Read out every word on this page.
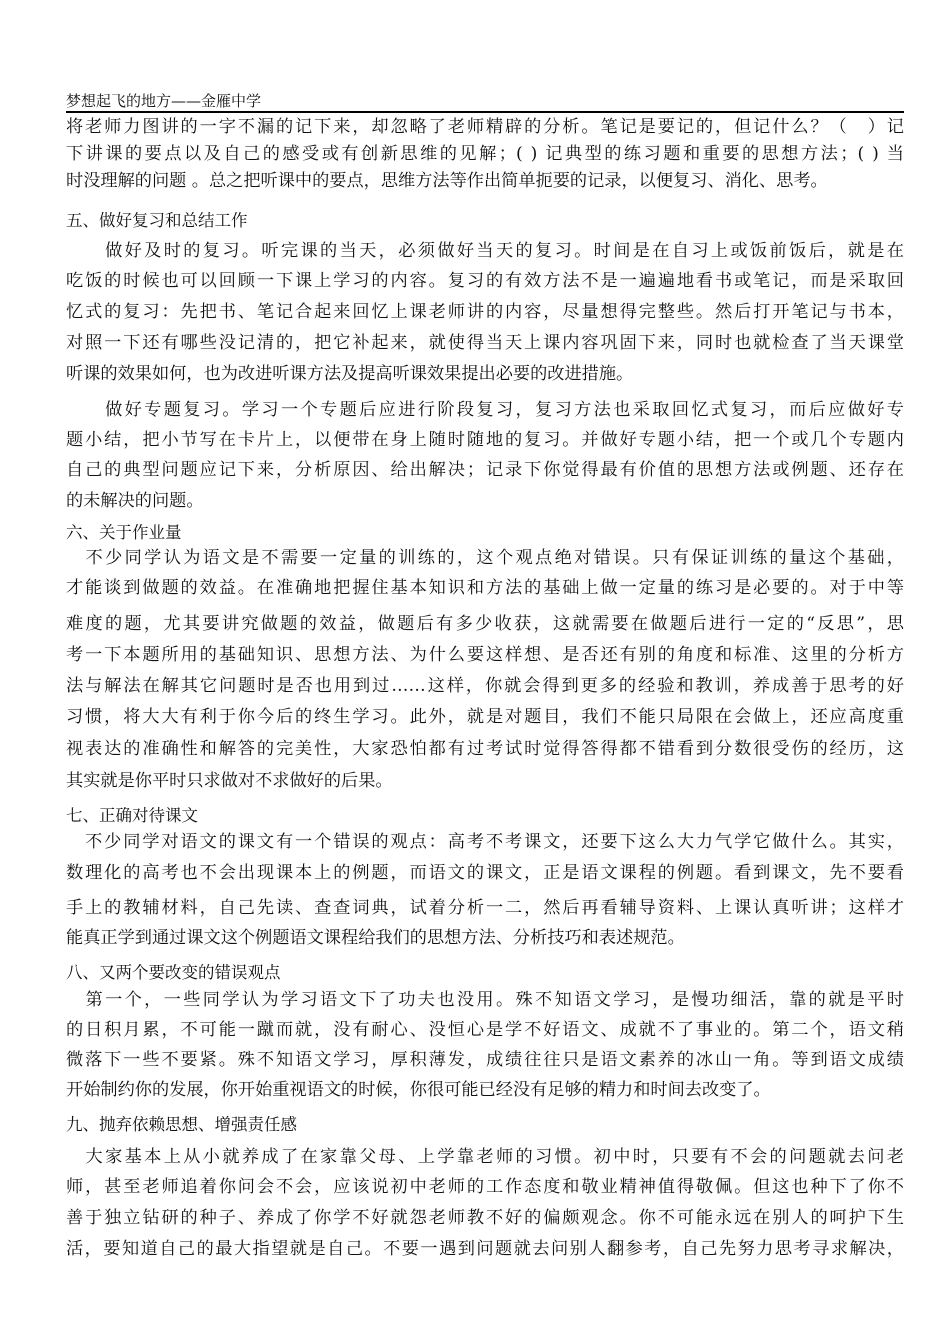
梦想起飞的地方——金雁中学
将老师力图讲的一字不漏的记下来，却忽略了老师精辟的分析。笔记是要记的，但记什么？（　）记
下讲课的要点以及自己的感受或有创新思维的见解；( ) 记典型的练习题和重要的思想方法；( ) 当
时没理解的问题 。总之把听课中的要点，思维方法等作出简单扼要的记录，以便复习、消化、思考。
五、做好复习和总结工作
　　做好及时的复习。听完课的当天，必须做好当天的复习。时间是在自习上或饭前饭后，就是在
吃饭的时候也可以回顾一下课上学习的内容。复习的有效方法不是一遍遍地看书或笔记，而是采取回
忆式的复习：先把书、笔记合起来回忆上课老师讲的内容，尽量想得完整些。然后打开笔记与书本，
对照一下还有哪些没记清的，把它补起来，就使得当天上课内容巩固下来，同时也就检查了当天课堂
听课的效果如何，也为改进听课方法及提高听课效果提出必要的改进措施。
　　做好专题复习。学习一个专题后应进行阶段复习，复习方法也采取回忆式复习，而后应做好专
题小结，把小节写在卡片上，以便带在身上随时随地的复习。并做好专题小结，把一个或几个专题内
自己的典型问题应记下来，分析原因、给出解决；记录下你觉得最有价值的思想方法或例题、还存在
的未解决的问题。
六、关于作业量
　不少同学认为语文是不需要一定量的训练的，这个观点绝对错误。只有保证训练的量这个基础，
才能谈到做题的效益。在准确地把握住基本知识和方法的基础上做一定量的练习是必要的。对于中等
难度的题，尤其要讲究做题的效益，做题后有多少收获，这就需要在做题后进行一定的“反思”，思
考一下本题所用的基础知识、思想方法、为什么要这样想、是否还有别的角度和标准、这里的分析方
法与解法在解其它问题时是否也用到过……这样，你就会得到更多的经验和教训，养成善于思考的好
习惯，将大大有利于你今后的终生学习。此外，就是对题目，我们不能只局限在会做上，还应高度重
视表达的准确性和解答的完美性，大家恐怕都有过考试时觉得答得都不错看到分数很受伤的经历，这
其实就是你平时只求做对不求做好的后果。
七、正确对待课文
　不少同学对语文的课文有一个错误的观点：高考不考课文，还要下这么大力气学它做什么。其实，
数理化的高考也不会出现课本上的例题，而语文的课文，正是语文课程的例题。看到课文，先不要看
手上的教辅材料，自己先读、查查词典，试着分析一二，然后再看辅导资料、上课认真听讲；这样才
能真正学到通过课文这个例题语文课程给我们的思想方法、分析技巧和表述规范。
八、又两个要改变的错误观点
　第一个，一些同学认为学习语文下了功夫也没用。殊不知语文学习，是慢功细活，靠的就是平时
的日积月累，不可能一蹴而就，没有耐心、没恒心是学不好语文、成就不了事业的。第二个，语文稍
微落下一些不要紧。殊不知语文学习，厚积薄发，成绩往往只是语文素养的冰山一角。等到语文成绩
开始制约你的发展，你开始重视语文的时候，你很可能已经没有足够的精力和时间去改变了。
九、抛弃依赖思想、增强责任感
　大家基本上从小就养成了在家靠父母、上学靠老师的习惯。初中时，只要有不会的问题就去问老
师，甚至老师追着你问会不会，应该说初中老师的工作态度和敬业精神值得敬佩。但这也种下了你不
善于独立钻研的种子、养成了你学不好就怨老师教不好的偏颇观念。你不可能永远在别人的呵护下生
活，要知道自己的最大指望就是自己。不要一遇到问题就去问别人翻参考，自己先努力思考寻求解决，
